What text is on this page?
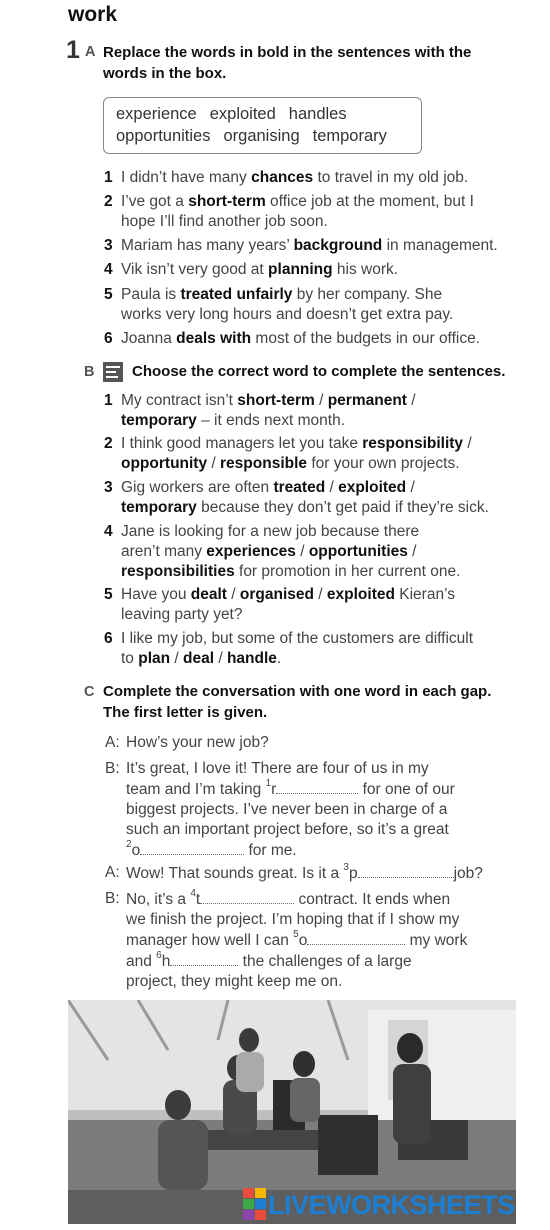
work
1 A Replace the words in bold in the sentences with the words in the box.
experience exploited handles
opportunities organising temporary
1 I didn’t have many chances to travel in my old job.
2 I’ve got a short-term office job at the moment, but I
hope I’ll find another job soon.
3 Mariam has many years’ background in management.
4 Vik isn’t very good at planning his work.
5 Paula is treated unfairly by her company. She
works very long hours and doesn’t get extra pay.
6 Joanna deals with most of the budgets in our office.
B	Choose the correct word to complete the sentences.
1 My contract isn’t short-term / permanent /
temporary – it ends next month.
2 I think good managers let you take responsibility /
opportunity / responsible for your own projects.
3 Gig workers are often treated / exploited /
temporary because they don’t get paid if they’re sick.
4 Jane is looking for a new job because there
aren’t many experiences / opportunities /
responsibilities for promotion in her current one.
5 Have you dealt / organised / exploited Kieran’s
leaving party yet?
6 I like my job, but some of the customers are difficult
to plan / deal / handle.
C Complete the conversation with one word in each gap. The first letter is given.
A: How’s your new job?
B: It’s great, I love it! There are four of us in my
team and I’m taking $^1$r	for one of our
biggest projects. I’ve never been in charge of a
such an important project before, so it’s a great
$^2$o	for me.
A: Wow! That sounds great. Is it a $^3$p	job?
B: No, it’s a $^4$t	contract. It ends when
we finish the project. I’m hoping that if I show my
manager how well I can $^5$o	my work
and $^6$h	the challenges of a large
project, they might keep me on.
LIVEWORKSHEETS
